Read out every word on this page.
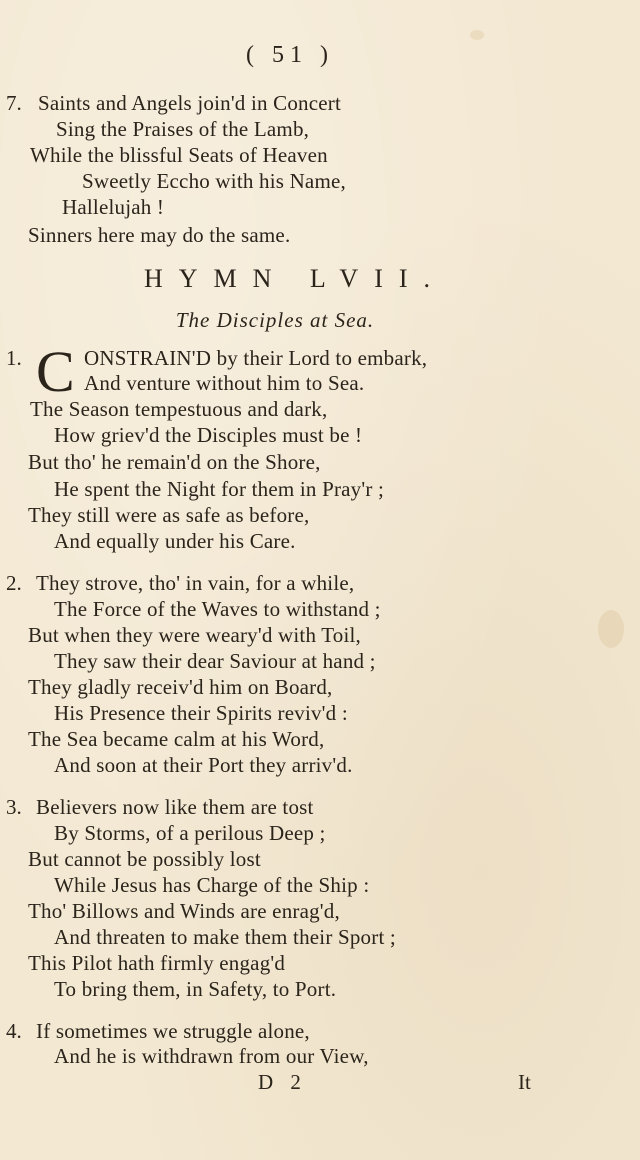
( 51 )
7. Saints and Angels join'd in Concert
Sing the Praises of the Lamb,
While the blissful Seats of Heaven
Sweetly Eccho with his Name,
Hallelujah !
Sinners here may do the same.
HYMN LVII.
The Disciples at Sea.
1. C ONSTRAIN'D by their Lord to embark,
And venture without him to Sea.
The Season tempestuous and dark,
How griev'd the Disciples must be !
But tho' he remain'd on the Shore,
He spent the Night for them in Pray'r ;
They still were as safe as before,
And equally under his Care.
2. They strove, tho' in vain, for a while,
The Force of the Waves to withstand ;
But when they were weary'd with Toil,
They saw their dear Saviour at hand ;
They gladly receiv'd him on Board,
His Presence their Spirits reviv'd :
The Sea became calm at his Word,
And soon at their Port they arriv'd.
3. Believers now like them are tost
By Storms, of a perilous Deep ;
But cannot be possibly lost
While Jesus has Charge of the Ship :
Tho' Billows and Winds are enrag'd,
And threaten to make them their Sport ;
This Pilot hath firmly engag'd
To bring them, in Safety, to Port.
4. If sometimes we struggle alone,
And he is withdrawn from our View,
D 2	It
